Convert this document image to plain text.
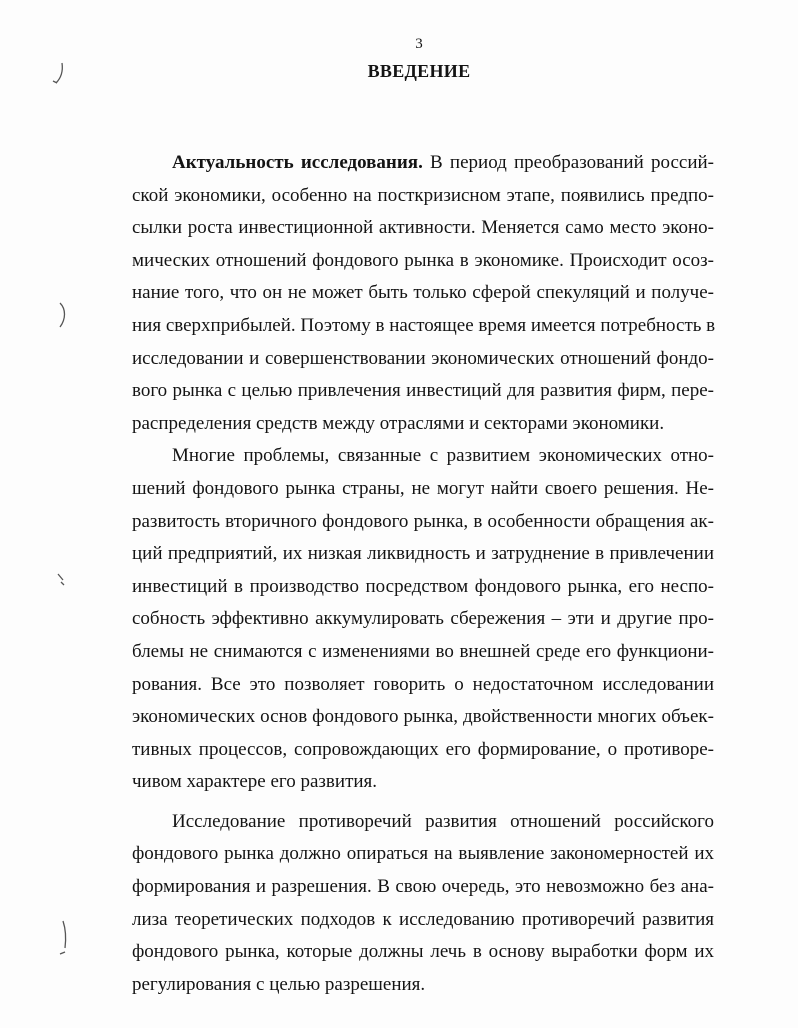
3
ВВЕДЕНИЕ
Актуальность исследования. В период преобразований россий-
ской экономики, особенно на посткризисном этапе, появились предпо-
сылки роста инвестиционной активности. Меняется само место эконо-
мических отношений фондового рынка в экономике. Происходит осоз-
нание того, что он не может быть только сферой спекуляций и получе-
ния сверхприбылей. Поэтому в настоящее время имеется потребность в
исследовании и совершенствовании экономических отношений фондо-
вого рынка с целью привлечения инвестиций для развития фирм, пере-
распределения средств между отраслями и секторами экономики.
Многие проблемы, связанные с развитием экономических отно-
шений фондового рынка страны, не могут найти своего решения. Не-
развитость вторичного фондового рынка, в особенности обращения ак-
ций предприятий, их низкая ликвидность и затруднение в привлечении
инвестиций в производство посредством фондового рынка, его неспо-
собность эффективно аккумулировать сбережения – эти и другие про-
блемы не снимаются с изменениями во внешней среде его функциони-
рования. Все это позволяет говорить о недостаточном исследовании
экономических основ фондового рынка, двойственности многих объек-
тивных процессов, сопровождающих его формирование, о противоре-
чивом характере его развития.
Исследование противоречий развития отношений российского
фондового рынка должно опираться на выявление закономерностей их
формирования и разрешения. В свою очередь, это невозможно без ана-
лиза теоретических подходов к исследованию противоречий развития
фондового рынка, которые должны лечь в основу выработки форм их
регулирования с целью разрешения.
